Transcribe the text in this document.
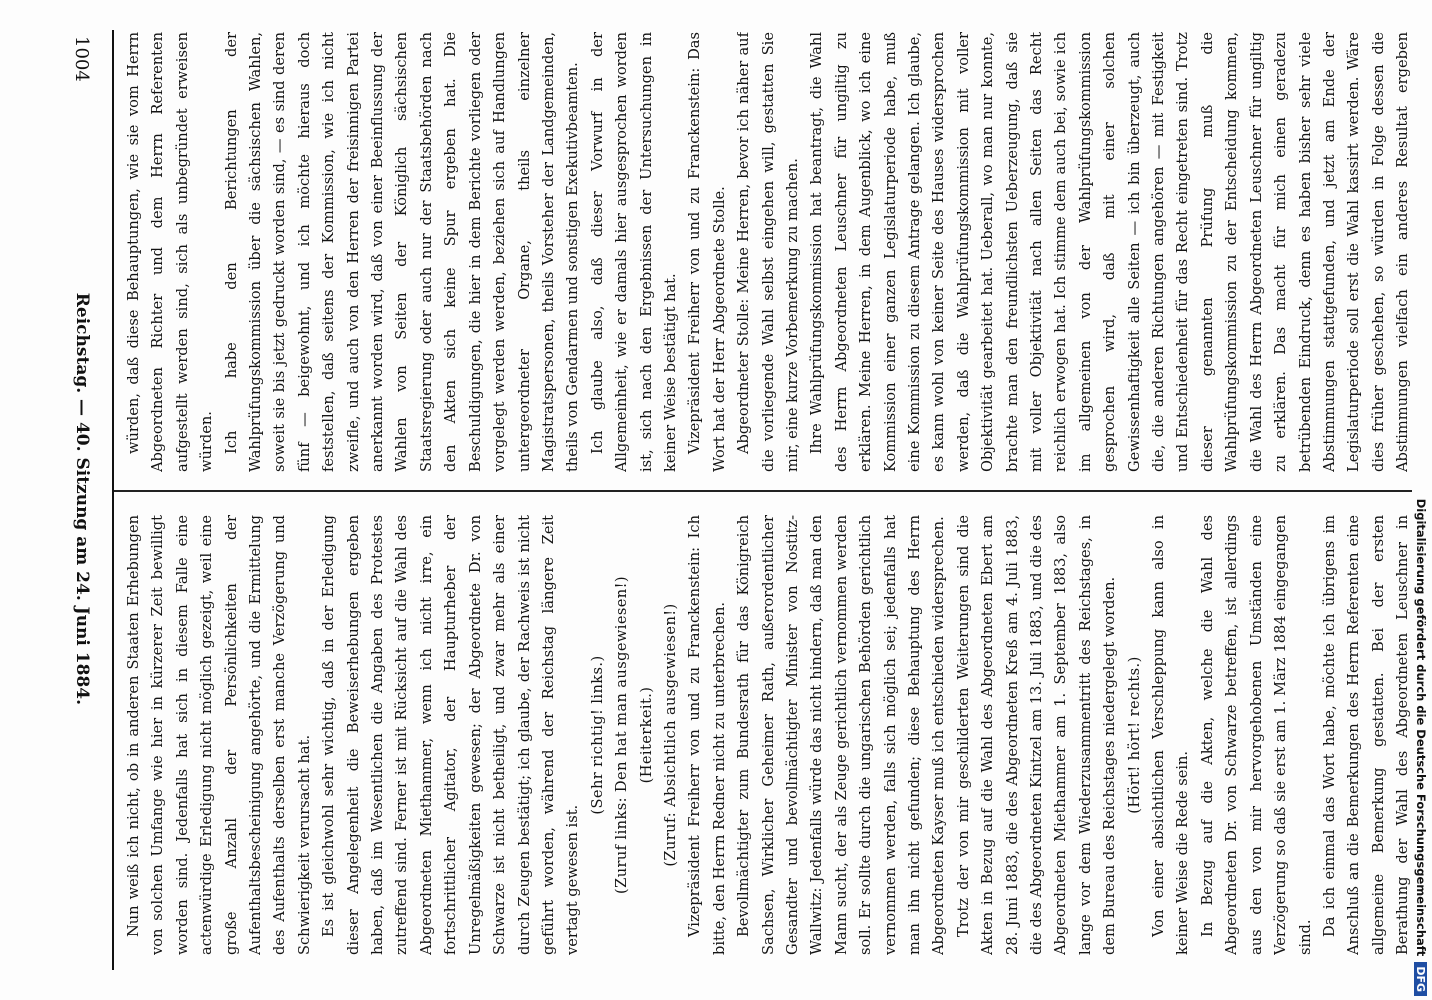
würden, daß diese Behauptungen, wie sie vom Herrn Abgeordneten Richter und dem Herrn Referenten aufgestellt werden sind, sich als unbegründet erweisen würden. Ich habe den Berichtungen der Wahlprüfungskommission über die sächsischen Wahlen, soweit sie bis jetzt gedruckt worden sind, — es sind deren fünf — beigewohnt, und ich möchte hieraus doch feststellen, daß seitens der Kommission, wie ich nicht zweifle, und auch von den Herren der freisinnigen Partei anerkannt worden wird, daß von einer Beeinflussung der Wahlen von Seiten der Königlich sächsischen Staatsregierung oder auch nur der Staatsbehörden nach den Akten sich keine Spur ergeben hat. Die Beschuldigungen, die hier in dem Berichte vorliegen oder vorgelegt werden werden, beziehen sich auf Handlungen untergeordneter Organe, theils einzelner Magistratspersonen, theils Vorsteher der Landgemeinden, theils von Gendarmen und sonstigen Exekutivbeamten. Ich glaube also, daß dieser Vorwurf in der Allgemeinheit, wie er damals hier ausgesprochen worden ist, sich nach den Ergebnissen der Untersuchungen in keiner Weise bestätigt hat. Vizepräsident Freiherr von und zu Franckenstein: Das Wort hat der Herr Abgeordnete Stolle. Abgeordneter Stolle: Meine Herren, bevor ich näher auf die vorliegende Wahl selbst eingehen will, gestatten Sie mir, eine kurze Vorbemerkung zu machen. Ihre Wahlprüfungskommission hat beantragt, die Wahl des Herrn Abgeordneten Leuschner für ungiltig zu erklären. Meine Herren, in dem Augenblick, wo ich eine Kommission einer ganzen Legislaturperiode habe, muß eine Kommission zu diesem Antrage gelangen. Ich glaube, es kann wohl von keiner Seite des Hauses widersprochen werden, daß die Wahlprüfungskommission mit voller Objektivität gearbeitet hat. Ueberall, wo man nur konnte, brachte man den freundlichsten Ueberzeugung, daß sie mit voller Objektivität nach allen Seiten das Recht reichlich erwogen hat. Ich stimme dem auch bei, sowie ich im allgemeinen von der Wahlprüfungskommission gesprochen wird, daß mit einer solchen Gewissenhaftigkeit alle Seiten — ich bin überzeugt, auch die, die anderen Richtungen angehören — mit Festigkeit und Entschiedenheit für das Recht eingetreten sind. Trotz dieser genannten Prüfung muß die Wahlprüfungskommission zu der Entscheidung kommen, die Wahl des Herrn Abgeordneten Leuschner für ungiltig zu erklären. Das macht für mich einen geradezu betrübenden Eindruck, denn es haben bisher sehr viele Abstimmungen stattgefunden, und jetzt am Ende der Legislaturperiode soll erst die Wahl kassirt werden. Wäre dies früher geschehen, so würden in Folge dessen die Abstimmungen vielfach ein anderes Resultat ergeben

Nun weiß ich nicht, ob in anderen Staaten Erhebungen von solchen Umfange wie hier in kürzerer Zeit bewilligt worden sind. Jedenfalls hat sich in diesem Falle eine actenwürdige Erledigung nicht möglich gezeigt, weil eine große Anzahl der Persönlichkeiten der Aufenthaltsbescheinigung angehörte, und die Ermittelung des Aufenthalts derselben erst manche Verzögerung und Schwierigkeit verursacht hat. Es ist gleichwohl sehr wichtig, daß in der Erledigung dieser Angelegenheit die Beweiserhebungen ergeben haben, daß im Wesentlichen die Angaben des Protestes zutreffend sind. Ferner ist mit Rücksicht auf die Wahl des Abgeordneten Miethammer, wenn ich nicht irre, ein fortschrittlicher Agitator, der Haupturheber der Unregelmäßigkeiten gewesen; der Abgeordnete Dr. von Schwarze ist nicht betheiligt, und zwar mehr als einer durch Zeugen bestätigt; ich glaube, der Rachweis ist nicht geführt worden, während der Reichstag längere Zeit vertagt gewesen ist.

(Sehr richtig! links.) (Zuruf links: Den hat man ausgewiesen!) (Heiterkeit.) (Zuruf: Absichtlich ausgewiesen!) Vizepräsident Freiherr von und zu Franckenstein: Ich bitte, den Herrn Redner nicht zu unterbrechen. Bevollmächtigter zum Bundesrath für das Königreich Sachsen, Wirklicher Geheimer Rath, außerordentlicher Gesandter und bevollmächtigter Minister von Nostitz-Wallwitz: Jedenfalls würde das nicht hindern, daß man den Mann sucht, der als Zeuge gerichtlich vernommen werden soll. Er sollte durch die ungarischen Behörden gerichtlich vernommen werden, falls sich möglich sei; jedenfalls hat man ihn nicht gefunden; diese Behauptung des Herrn Abgeordneten Kayser muß ich entschieden widersprechen. Trotz der von mir geschilderten Weiterungen sind die Akten in Bezug auf die Wahl des Abgeordneten Ebert am 28. Juni 1883, die des Abgeordneten Kreß am 4. Juli 1883, die des Abgeordneten Kintzel am 13. Juli 1883, und die des Abgeordneten Miethammer am 1. September 1883, also lange vor dem Wiederzusammentritt des Reichstages, in dem Bureau des Reichstages niedergelegt worden. (Hört! hört! rechts.) Von einer absichtlichen Verschleppung kann also in keiner Weise die Rede sein. In Bezug auf die Akten, welche die Wahl des Abgeordneten Dr. von Schwarze betreffen, ist allerdings aus den von mir hervorgehobenen Umständen eine Verzögerung so daß sie erst am 1. März 1884 eingegangen sind. Da ich einmal das Wort habe, möchte ich übrigens im Anschluß an die Bemerkungen des Herrn Referenten eine allgemeine Bemerkung gestatten. Bei der ersten Berathung der Wahl des Abgeordneten Leuschner in

1004
Reichstag. — 40. Sitzung am 24. Juni 1884.	Digitalisierung gefördert durch die Deutsche Forschungsgemeinschaft
DFG
